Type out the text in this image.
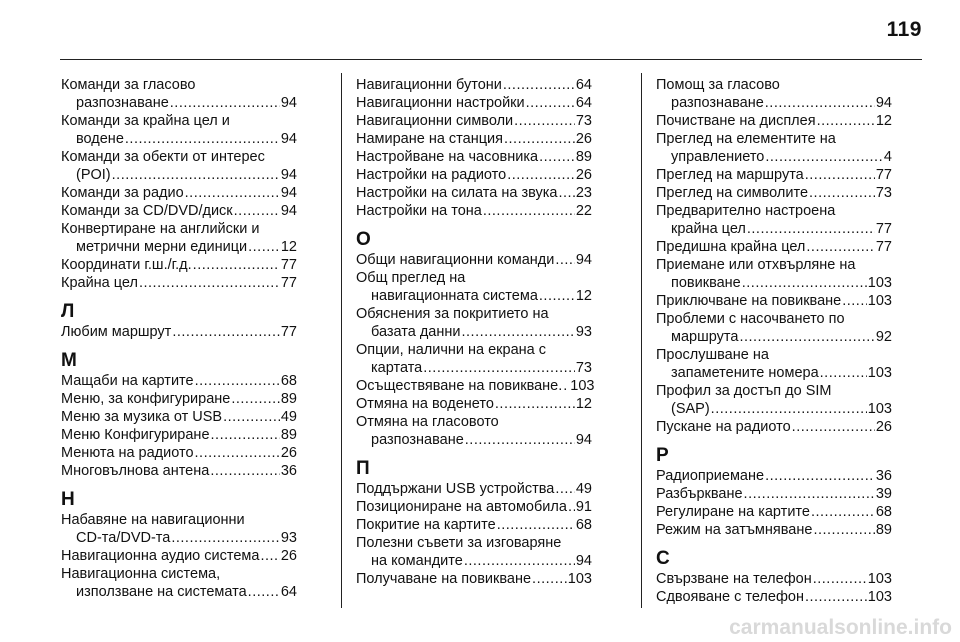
119
Команди за гласово
разпознаване .....	94
Команди за крайна цел и
водене .....	94
Команди за обекти от интерес
(POI) .....	94
Команди за радио .....	94
Команди за CD/DVD/диск .....	94
Конвертиране на английски и
метрични мерни единици ..... 12
Координати г.ш./г.д. .....	77
Крайна цел .....	77
Л
Любим маршрут .....	77
М
Мащаби на картите .....	68
Меню, за конфигуриране .....	89
Меню за музика от USB .....	49
Меню Конфигуриране .....	89
Менюта на радиото .....	26
Многовълнова антена .....	36
Н
Набавяне на навигационни
CD-та/DVD-та .....	93
Навигационна аудио система ..... 26
Навигационна система,
използване на системата ..... 64
Навигационни бутони .....	64
Навигационни настройки .....	64
Навигационни символи .....	73
Намиране на станция .....	26
Настройване на часовника .....	89
Настройки на радиото .....	26
Настройки на силата на звука ..... 23
Настройки на тона .....	22
О
Общи навигационни команди ..... 94
Общ преглед на
навигационната система .....	12
Обяснения за покритието на
базата данни .....	93
Опции, налични на екрана с
картата .....	73
Осъществяване на повикване. ..... 103
Отмяна на воденето .....	12
Отмяна на гласовото
разпознаване .....	94
П
Поддържани USB устройства ..... 49
Позициониране на автомобила ..... 91
Покритие на картите .....	68
Полезни съвети за изговаряне
на командите .....	94
Получаване на повикване .....	103
Помощ за гласово
разпознаване .....	94
Почистване на дисплея .....	12
Преглед на елементите на
управлението .....	4
Преглед на маршрута .....	77
Преглед на символите .....	73
Предварително настроена
крайна цел .....	77
Предишна крайна цел .....	77
Приемане или отхвърляне на
повикване .....	103
Приключване на повикване ..... 103
Проблеми с насочването по
маршрута .....	92
Прослушване на
запаметените номера .....	103
Профил за достъп до SIM
(SAP) .....	103
Пускане на радиото .....	26
Р
Радиоприемане .....	36
Разбъркване .....	39
Регулиране на картите .....	68
Режим на затъмняване .....	89
С
Свързване на телефон .....	103
Сдвояване с телефон .....	103
carmanualsonline.info
